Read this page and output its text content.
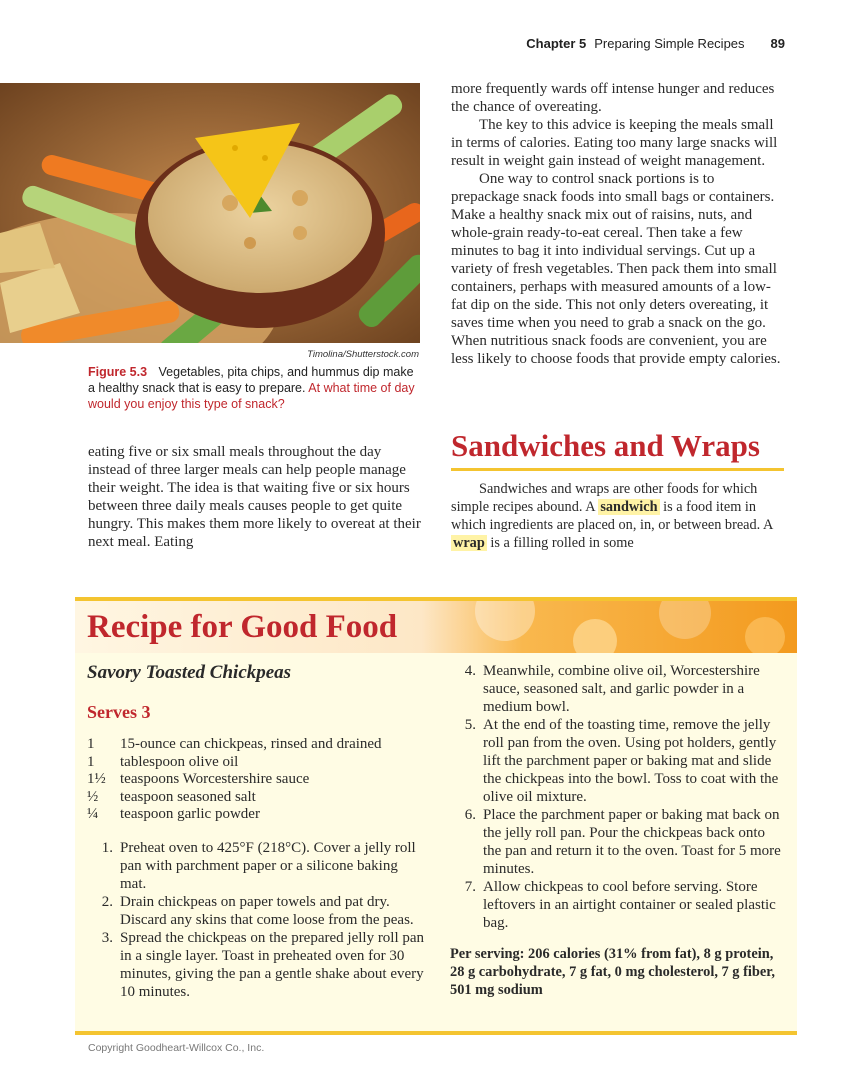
Chapter 5 Preparing Simple Recipes 89
Timolina/Shutterstock.com
Figure 5.3 Vegetables, pita chips, and hummus dip make a healthy snack that is easy to prepare. At what time of day would you enjoy this type of snack?

eating five or six small meals throughout the day instead of three larger meals can help people manage their weight. The idea is that waiting five or six hours between three daily meals causes people to get quite hungry. This makes them more likely to overeat at their next meal. Eating

more frequently wards off intense hunger and reduces the chance of overeating.

The key to this advice is keeping the meals small in terms of calories. Eating too many large snacks will result in weight gain instead of weight management.

One way to control snack portions is to prepackage snack foods into small bags or containers. Make a healthy snack mix out of raisins, nuts, and whole-grain ready-to-eat cereal. Then take a few minutes to bag it into individual servings. Cut up a variety of fresh vegetables. Then pack them into small containers, perhaps with measured amounts of a low-fat dip on the side. This not only deters overeating, it saves time when you need to grab a snack on the go. When nutritious snack foods are convenient, you are less likely to choose foods that provide empty calories.

Sandwiches and Wraps

Sandwiches and wraps are other foods for which simple recipes abound. A sandwich is a food item in which ingredients are placed on, in, or between bread. A wrap is a filling rolled in some

Recipe for Good Food
Savory Toasted Chickpeas
Serves 3
1	15-ounce can chickpeas, rinsed and drained
1	tablespoon olive oil
1½ teaspoons Worcestershire sauce
½	teaspoon seasoned salt
¼	teaspoon garlic powder
1. Preheat oven to 425°F (218°C). Cover a jelly roll pan with parchment paper or a silicone baking mat.
2. Drain chickpeas on paper towels and pat dry. Discard any skins that come loose from the peas.
3. Spread the chickpeas on the prepared jelly roll pan in a single layer. Toast in preheated oven for 30 minutes, giving the pan a gentle shake about every 10 minutes.
4. Meanwhile, combine olive oil, Worcestershire sauce, seasoned salt, and garlic powder in a medium bowl.
5. At the end of the toasting time, remove the jelly roll pan from the oven. Using pot holders, gently lift the parchment paper or baking mat and slide the chickpeas into the bowl. Toss to coat with the olive oil mixture.
6. Place the parchment paper or baking mat back on the jelly roll pan. Pour the chickpeas back onto the pan and return it to the oven. Toast for 5 more minutes.
7. Allow chickpeas to cool before serving. Store leftovers in an airtight container or sealed plastic bag.
Per serving: 206 calories (31% from fat), 8 g protein, 28 g carbohydrate, 7 g fat, 0 mg cholesterol, 7 g fiber, 501 mg sodium
Copyright Goodheart-Willcox Co., Inc.
